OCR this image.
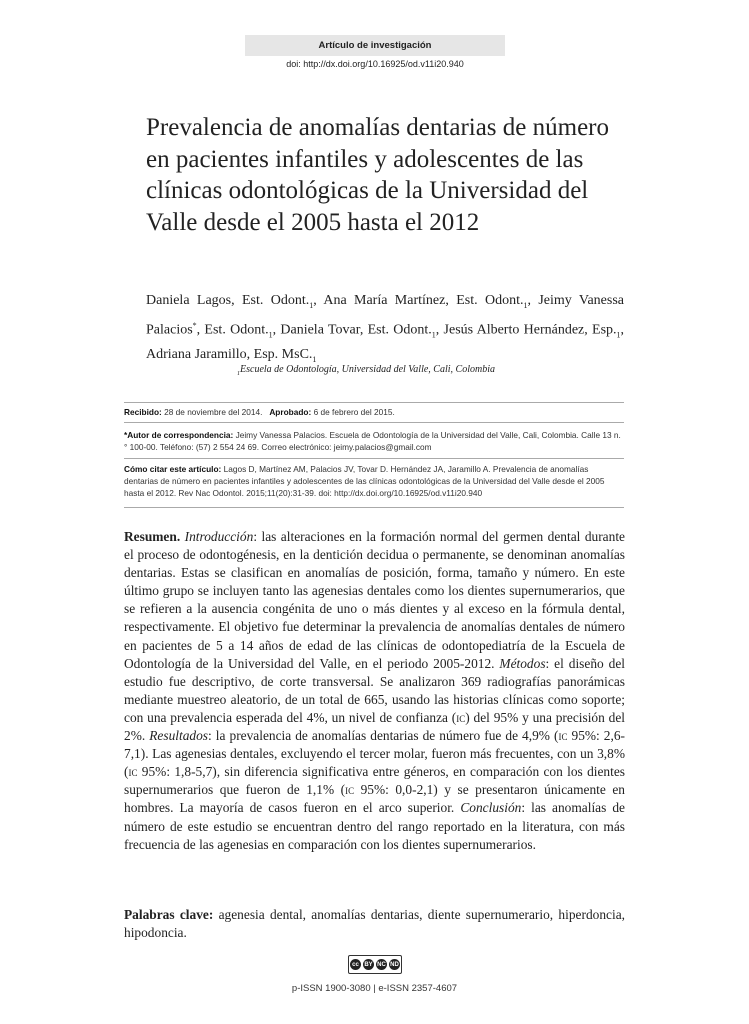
Artículo de investigación
doi: http://dx.doi.org/10.16925/od.v11i20.940
Prevalencia de anomalías dentarias de número en pacientes infantiles y adolescentes de las clínicas odontológicas de la Universidad del Valle desde el 2005 hasta el 2012
Daniela Lagos, Est. $Odont._1$, Ana María Martínez, Est. $Odont._1$, Jeimy Vanessa Palacios*, Est. $Odont._1$, Daniela Tovar, Est. $Odont._1$, Jesús Alberto Hernández, $Esp._1$, Adriana Jaramillo, Esp. $MsC._1$
$_1$Escuela de Odontología, Universidad del Valle, Cali, Colombia
Recibido: 28 de noviembre del 2014. Aprobado: 6 de febrero del 2015.
*Autor de correspondencia: Jeimy Vanessa Palacios. Escuela de Odontología de la Universidad del Valle, Cali, Colombia. Calle 13 n.° 100-00. Teléfono: (57) 2 554 24 69. Correo electrónico: jeimy.palacios@gmail.com
Cómo citar este artículo: Lagos D, Martínez AM, Palacios JV, Tovar D. Hernández JA, Jaramillo A. Prevalencia de anomalías dentarias de número en pacientes infantiles y adolescentes de las clínicas odontológicas de la Universidad del Valle desde el 2005 hasta el 2012. Rev Nac Odontol. 2015;11(20):31-39. doi: http://dx.doi.org/10.16925/od.v11i20.940
Resumen. Introducción: las alteraciones en la formación normal del germen dental durante el proceso de odontogénesis, en la dentición decidua o permanente, se denominan anomalías dentarias. Estas se clasifican en anomalías de posición, forma, tamaño y número. En este último grupo se incluyen tanto las agenesias dentales como los dientes supernumerarios, que se refieren a la ausencia congénita de uno o más dientes y al exceso en la fórmula dental, respectivamente. El objetivo fue determinar la prevalencia de anomalías dentales de número en pacientes de 5 a 14 años de edad de las clínicas de odontopediatría de la Escuela de Odontología de la Universidad del Valle, en el periodo 2005-2012. Métodos: el diseño del estudio fue descriptivo, de corte transversal. Se analizaron 369 radiografías panorámicas mediante muestreo aleatorio, de un total de 665, usando las historias clínicas como soporte; con una prevalencia esperada del 4%, un nivel de confianza (ic) del 95% y una precisión del 2%. Resultados: la prevalencia de anomalías dentarias de número fue de 4,9% (ic 95%: 2,6-7,1). Las agenesias dentales, excluyendo el tercer molar, fueron más frecuentes, con un 3,8% (ic 95%: 1,8-5,7), sin diferencia significativa entre géneros, en comparación con los dientes supernumerarios que fueron de 1,1% (ic 95%: 0,0-2,1) y se presentaron únicamente en hombres. La mayoría de casos fueron en el arco superior. Conclusión: las anomalías de número de este estudio se encuentran dentro del rango reportado en la literatura, con más frecuencia de las agenesias en comparación con los dientes supernumerarios.
Palabras clave: agenesia dental, anomalías dentarias, diente supernumerario, hiperdoncia, hipodoncia.
cc BY NC ND
p-ISSN 1900-3080 | e-ISSN 2357-4607
